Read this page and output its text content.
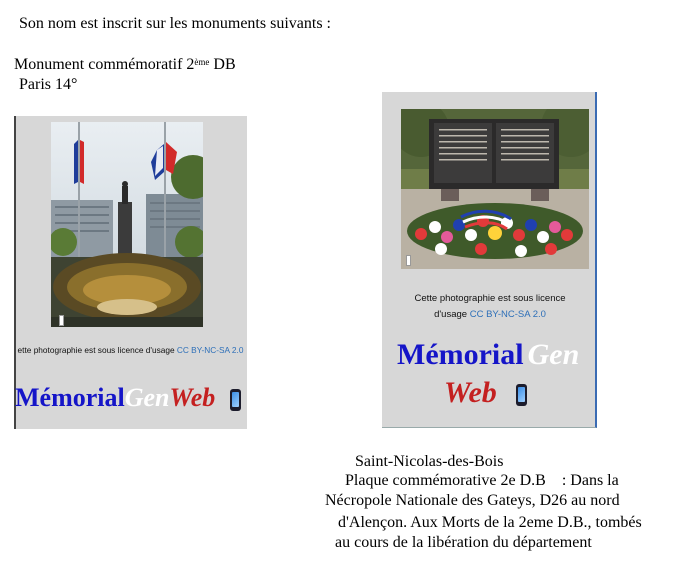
Son nom est inscrit sur les monuments suivants :
Monument commémoratif 2ème DB
Paris 14°
ette photographie est sous licence d'usage CC BY-NC-SA 2.0
MémorialGenWeb
Cette photographie est sous licence
d'usage CC BY-NC-SA 2.0
Mémorial Gen
Web
Saint-Nicolas-des-Bois
Plaque commémorative 2e D.B    : Dans la
Nécropole Nationale des Gateys, D26 au nord
d'Alençon. Aux Morts de la 2eme D.B., tombés
au cours de la libération du département
